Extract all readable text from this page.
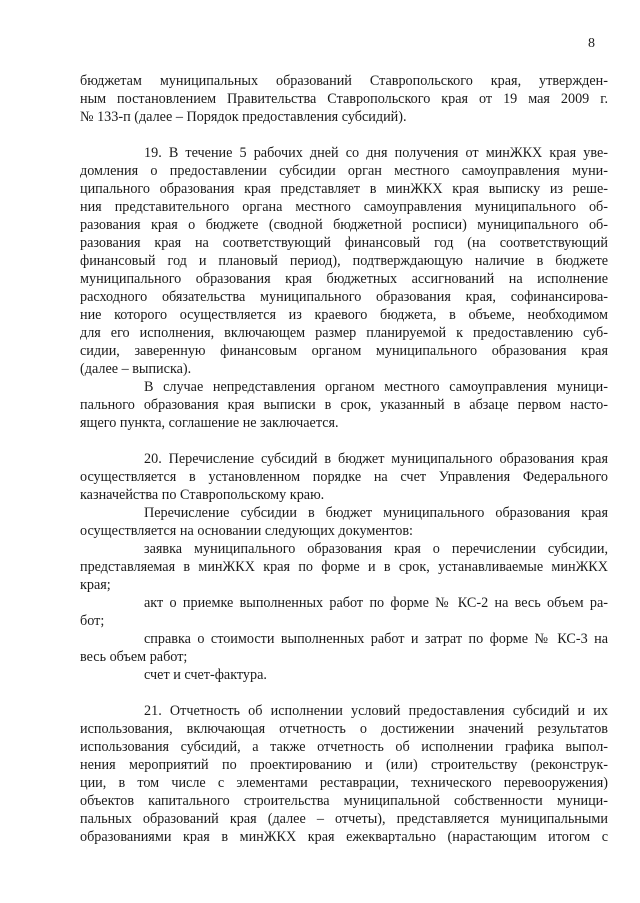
8
бюджетам муниципальных образований Ставропольского края, утвержден-
ным постановлением Правительства Ставропольского края от 19 мая 2009 г.
№ 133-п (далее – Порядок предоставления субсидий).
19. В течение 5 рабочих дней со дня получения от минЖКХ края уве-
домления о предоставлении субсидии орган местного самоуправления муни-
ципального образования края представляет в минЖКХ края выписку из реше-
ния представительного органа местного самоуправления муниципального об-
разования края о бюджете (сводной бюджетной росписи) муниципального об-
разования края на соответствующий финансовый год (на соответствующий
финансовый год и плановый период), подтверждающую наличие в бюджете
муниципального образования края бюджетных ассигнований на исполнение
расходного обязательства муниципального образования края, софинансирова-
ние которого осуществляется из краевого бюджета, в объеме, необходимом
для его исполнения, включающем размер планируемой к предоставлению суб-
сидии, заверенную финансовым органом муниципального образования края
(далее – выписка).
В случае непредставления органом местного самоуправления муници-
пального образования края выписки в срок, указанный в абзаце первом насто-
ящего пункта, соглашение не заключается.
20. Перечисление субсидий в бюджет муниципального образования края
осуществляется в установленном порядке на счет Управления Федерального
казначейства по Ставропольскому краю.
Перечисление субсидии в бюджет муниципального образования края
осуществляется на основании следующих документов:
заявка муниципального образования края о перечислении субсидии,
представляемая в минЖКХ края по форме и в срок, устанавливаемые минЖКХ
края;
акт о приемке выполненных работ по форме № КС-2 на весь объем ра-
бот;
справка о стоимости выполненных работ и затрат по форме № КС-3 на
весь объем работ;
счет и счет-фактура.
21. Отчетность об исполнении условий предоставления субсидий и их
использования, включающая отчетность о достижении значений результатов
использования субсидий, а также отчетность об исполнении графика выпол-
нения мероприятий по проектированию и (или) строительству (реконструк-
ции, в том числе с элементами реставрации, технического перевооружения)
объектов капитального строительства муниципальной собственности муници-
пальных образований края (далее – отчеты), представляется муниципальными
образованиями края в минЖКХ края ежеквартально (нарастающим итогом с
